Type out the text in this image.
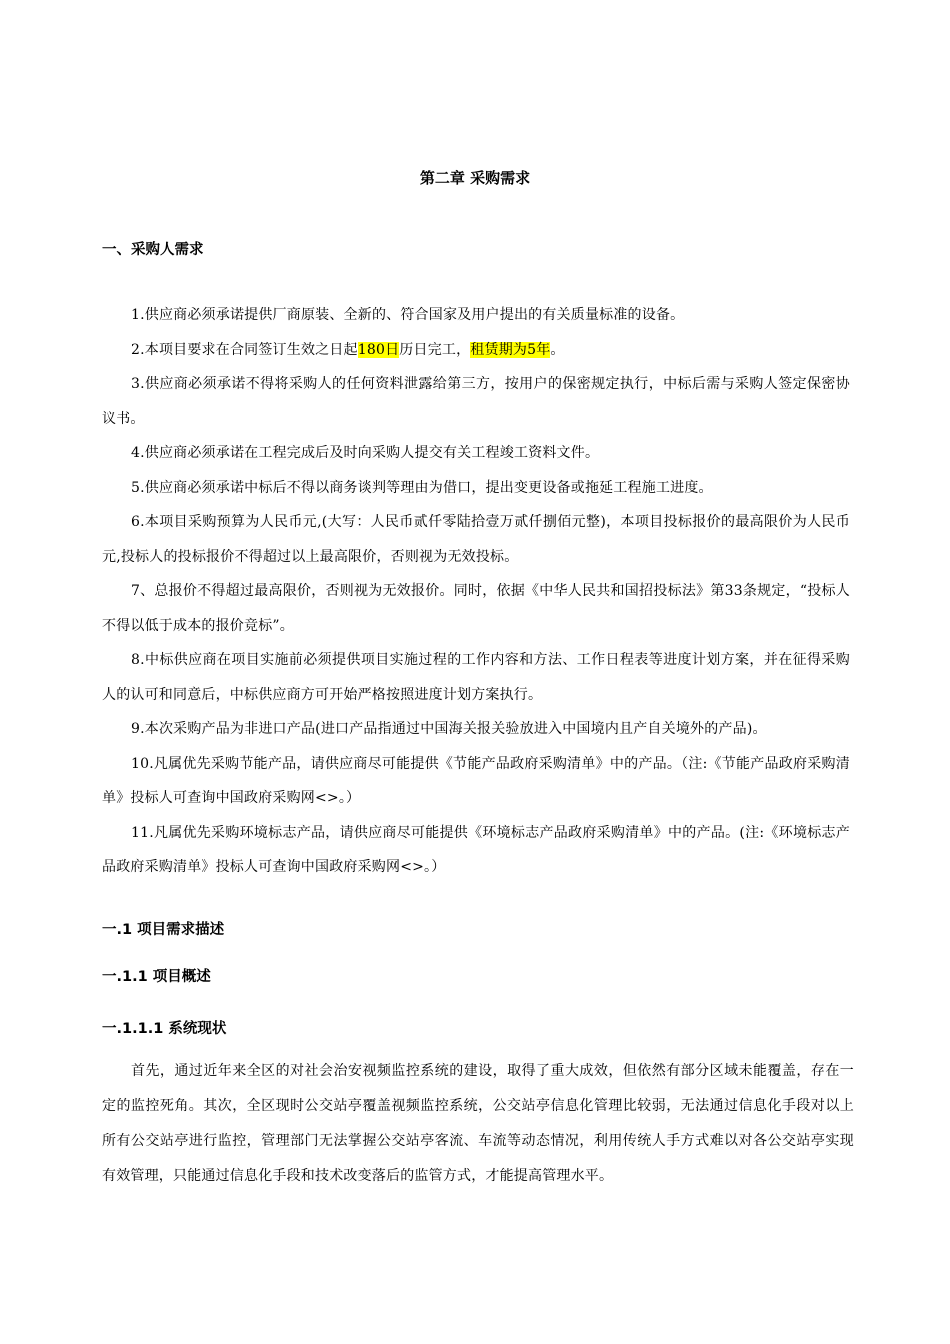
第二章 采购需求
一、采购人需求

1.供应商必须承诺提供厂商原装、全新的、符合国家及用户提出的有关质量标准的设备。

2.本项目要求在合同签订生效之日起180日历日完工，租赁期为5年。

3.供应商必须承诺不得将采购人的任何资料泄露给第三方，按用户的保密规定执行，中标后需与采购人签定保密协议书。

4.供应商必须承诺在工程完成后及时向采购人提交有关工程竣工资料文件。

5.供应商必须承诺中标后不得以商务谈判等理由为借口，提出变更设备或拖延工程施工进度。

6.本项目采购预算为人民币元,(大写：人民币贰仟零陆拾壹万贰仟捌佰元整)，本项目投标报价的最高限价为人民币元,投标人的投标报价不得超过以上最高限价，否则视为无效投标。

7、总报价不得超过最高限价，否则视为无效报价。同时，依据《中华人民共和国招投标法》第33条规定，“投标人不得以低于成本的报价竞标”。

8.中标供应商在项目实施前必须提供项目实施过程的工作内容和方法、工作日程表等进度计划方案，并在征得采购人的认可和同意后，中标供应商方可开始严格按照进度计划方案执行。

9.本次采购产品为非进口产品(进口产品指通过中国海关报关验放进入中国境内且产自关境外的产品)。

10.凡属优先采购节能产品，请供应商尽可能提供《节能产品政府采购清单》中的产品。（注:《节能产品政府采购清单》投标人可查询中国政府采购网<>。）

11.凡属优先采购环境标志产品，请供应商尽可能提供《环境标志产品政府采购清单》中的产品。(注:《环境标志产品政府采购清单》投标人可查询中国政府采购网<>。）

一.1 项目需求描述
一.1.1 项目概述
一.1.1.1 系统现状

首先，通过近年来全区的对社会治安视频监控系统的建设，取得了重大成效，但依然有部分区域未能覆盖，存在一定的监控死角。其次，全区现时公交站亭覆盖视频监控系统，公交站亭信息化管理比较弱，无法通过信息化手段对以上所有公交站亭进行监控，管理部门无法掌握公交站亭客流、车流等动态情况，利用传统人手方式难以对各公交站亭实现有效管理，只能通过信息化手段和技术改变落后的监管方式，才能提高管理水平。
